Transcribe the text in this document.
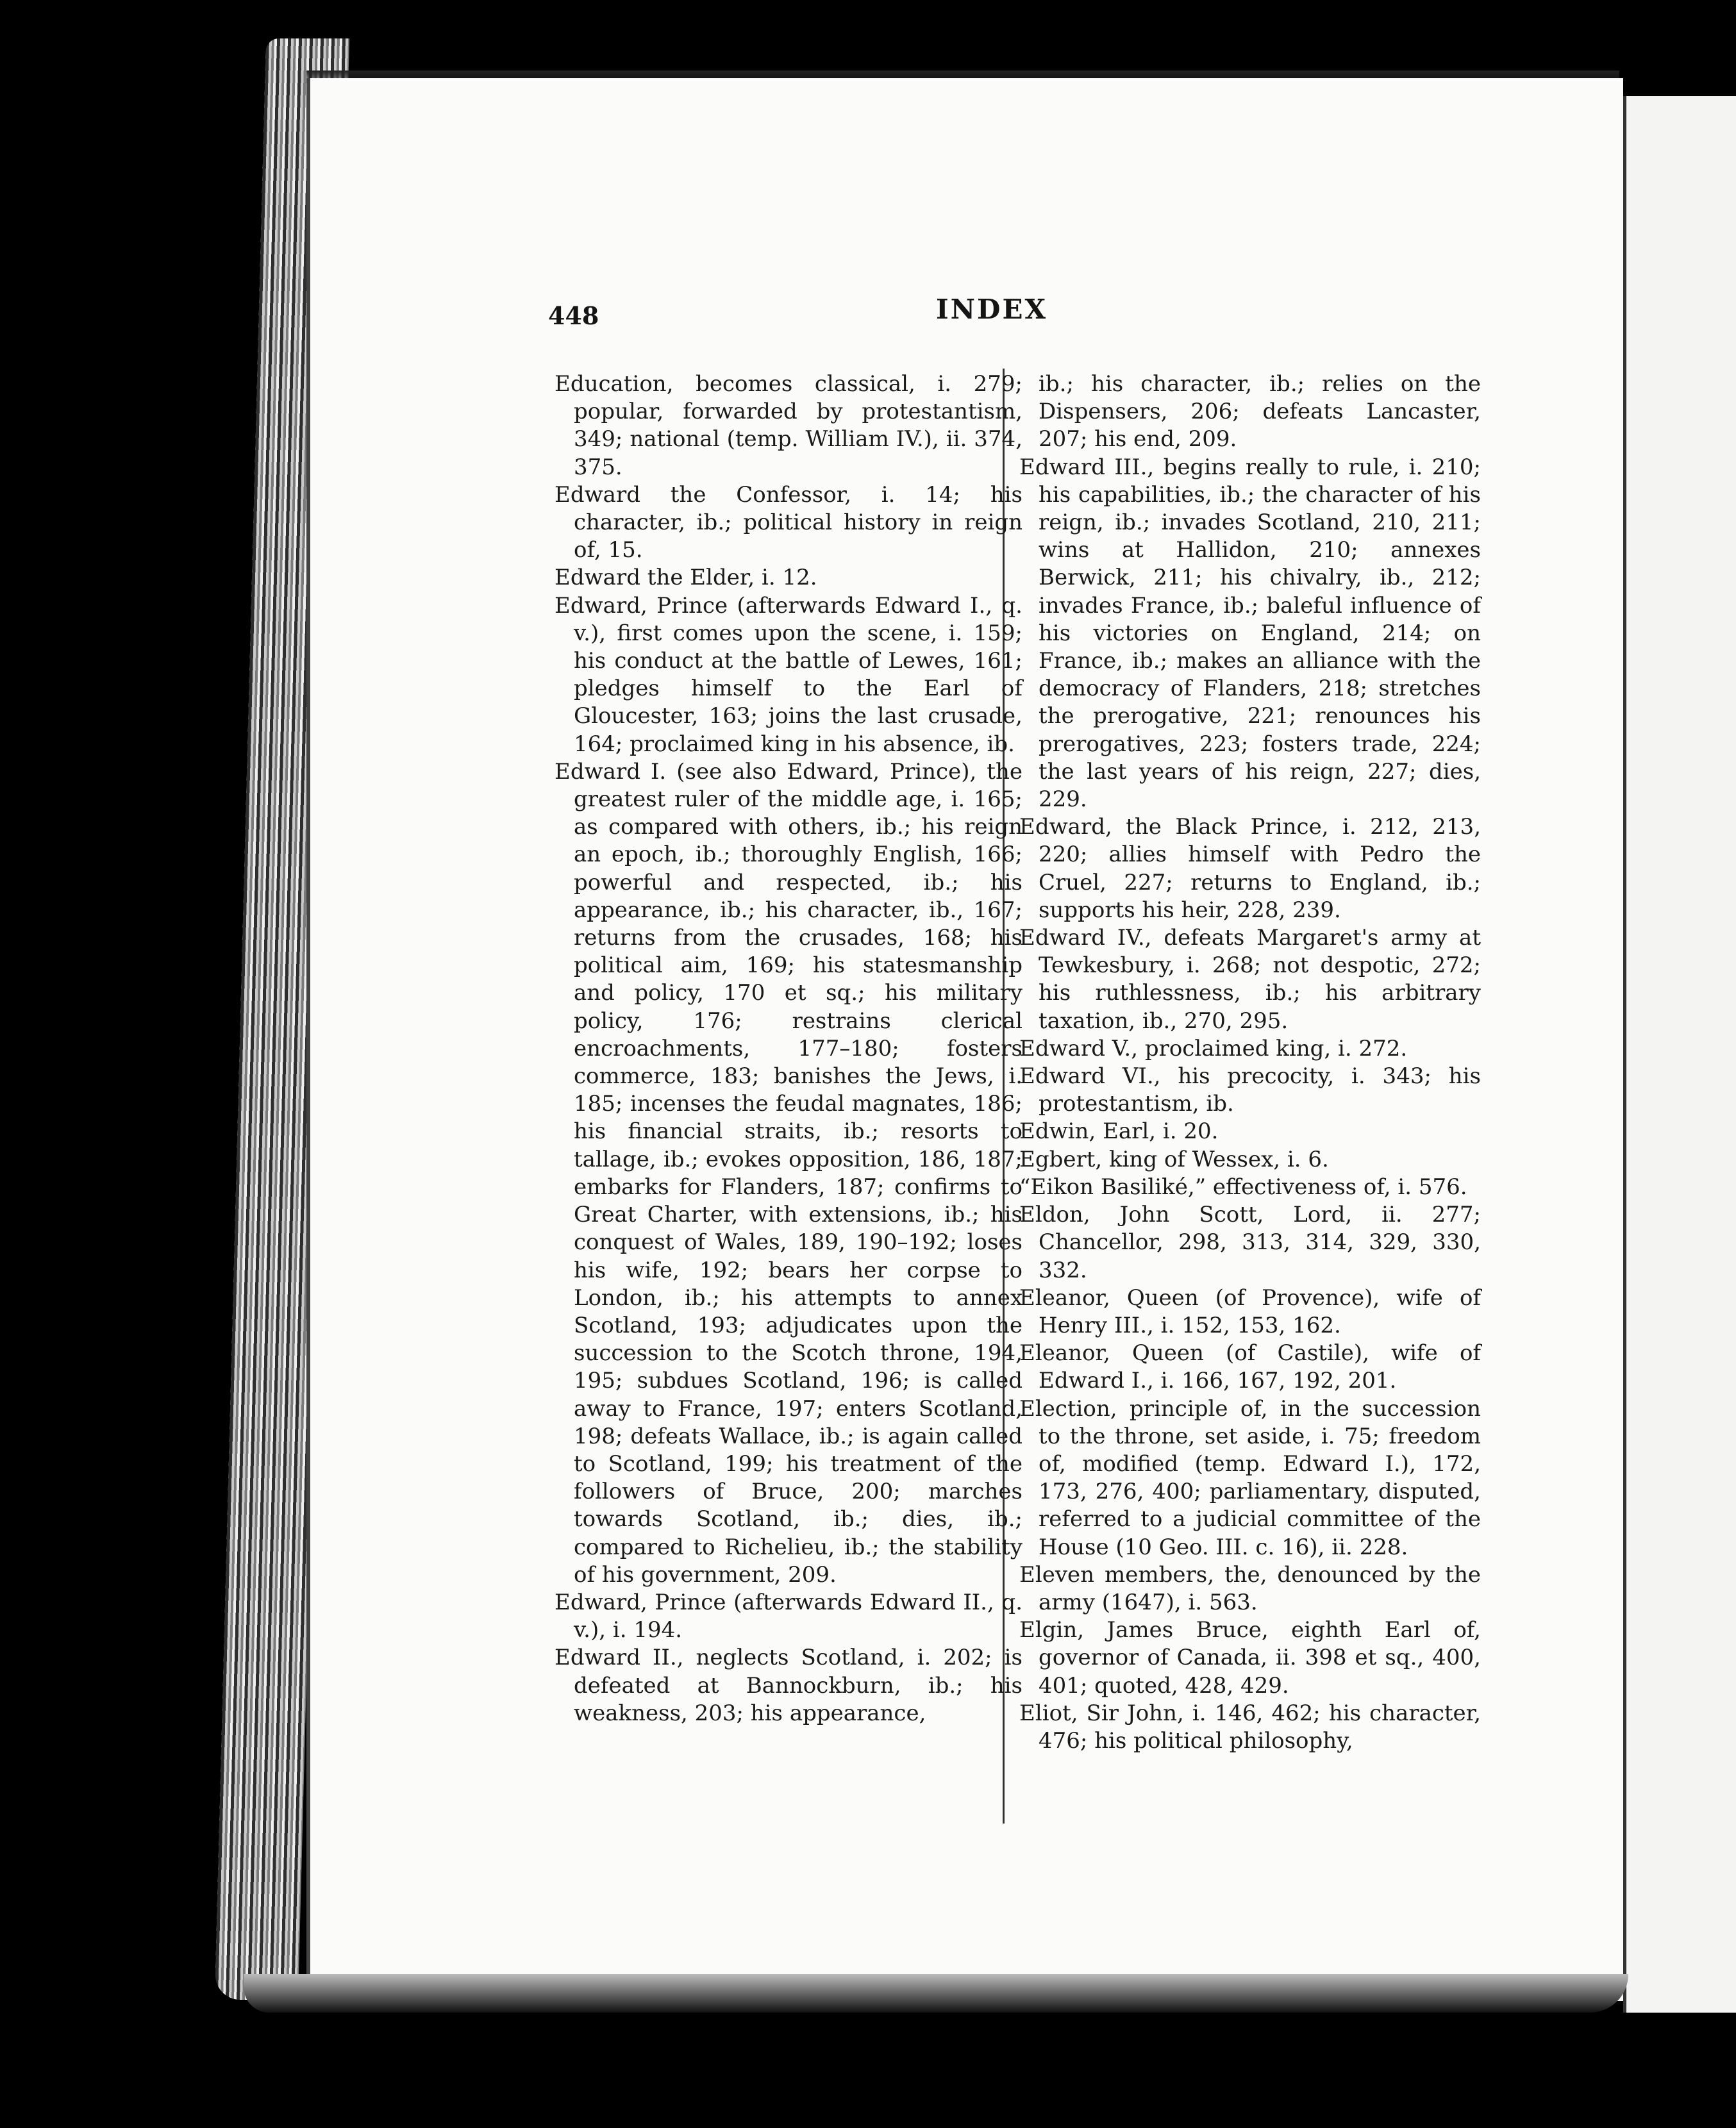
448	INDEX

Education, becomes classical, i. 279; popular, forwarded by protestantism, 349; national (temp. William IV.), ii. 374, 375.

Edward the Confessor, i. 14; his character, ib.; political history in reign of, 15.

Edward the Elder, i. 12.

Edward, Prince (afterwards Edward I., q. v.), first comes upon the scene, i. 159; his conduct at the battle of Lewes, 161; pledges himself to the Earl of Gloucester, 163; joins the last crusade, 164; proclaimed king in his absence, ib.

Edward I. (see also Edward, Prince), the greatest ruler of the middle age, i. 165; as compared with others, ib.; his reign an epoch, ib.; thoroughly English, 166; powerful and respected, ib.; his appearance, ib.; his character, ib., 167; returns from the crusades, 168; his political aim, 169; his statesmanship and policy, 170 et sq.; his military policy, 176; restrains clerical encroachments, 177–180; fosters commerce, 183; banishes the Jews, i. 185; incenses the feudal magnates, 186; his financial straits, ib.; resorts to tallage, ib.; evokes opposition, 186, 187; embarks for Flanders, 187; confirms to Great Charter, with extensions, ib.; his conquest of Wales, 189, 190–192; loses his wife, 192; bears her corpse to London, ib.; his attempts to annex Scotland, 193; adjudicates upon the succession to the Scotch throne, 194, 195; subdues Scotland, 196; is called away to France, 197; enters Scotland, 198; defeats Wallace, ib.; is again called to Scotland, 199; his treatment of the followers of Bruce, 200; marches towards Scotland, ib.; dies, ib.; compared to Richelieu, ib.; the stability of his government, 209.

Edward, Prince (afterwards Edward II., q. v.), i. 194.

Edward II., neglects Scotland, i. 202; is defeated at Bannockburn, ib.; his weakness, 203; his appearance,

ib.; his character, ib.; relies on the Dispensers, 206; defeats Lancaster, 207; his end, 209.

Edward III., begins really to rule, i. 210; his capabilities, ib.; the character of his reign, ib.; invades Scotland, 210, 211; wins at Hallidon, 210; annexes Berwick, 211; his chivalry, ib., 212; invades France, ib.; baleful influence of his victories on England, 214; on France, ib.; makes an alliance with the democracy of Flanders, 218; stretches the prerogative, 221; renounces his prerogatives, 223; fosters trade, 224; the last years of his reign, 227; dies, 229.

Edward, the Black Prince, i. 212, 213, 220; allies himself with Pedro the Cruel, 227; returns to England, ib.; supports his heir, 228, 239.

Edward IV., defeats Margaret's army at Tewkesbury, i. 268; not despotic, 272; his ruthlessness, ib.; his arbitrary taxation, ib., 270, 295.

Edward V., proclaimed king, i. 272.

Edward VI., his precocity, i. 343; his protestantism, ib.

Edwin, Earl, i. 20.

Egbert, king of Wessex, i. 6.

“Eikon Basiliké,” effectiveness of, i. 576.

Eldon, John Scott, Lord, ii. 277; Chancellor, 298, 313, 314, 329, 330, 332.

Eleanor, Queen (of Provence), wife of Henry III., i. 152, 153, 162.

Eleanor, Queen (of Castile), wife of Edward I., i. 166, 167, 192, 201.

Election, principle of, in the succession to the throne, set aside, i. 75; freedom of, modified (temp. Edward I.), 172, 173, 276, 400; parliamentary, disputed, referred to a judicial committee of the House (10 Geo. III. c. 16), ii. 228.

Eleven members, the, denounced by the army (1647), i. 563.

Elgin, James Bruce, eighth Earl of, governor of Canada, ii. 398 et sq., 400, 401; quoted, 428, 429.

Eliot, Sir John, i. 146, 462; his character, 476; his political philosophy,
